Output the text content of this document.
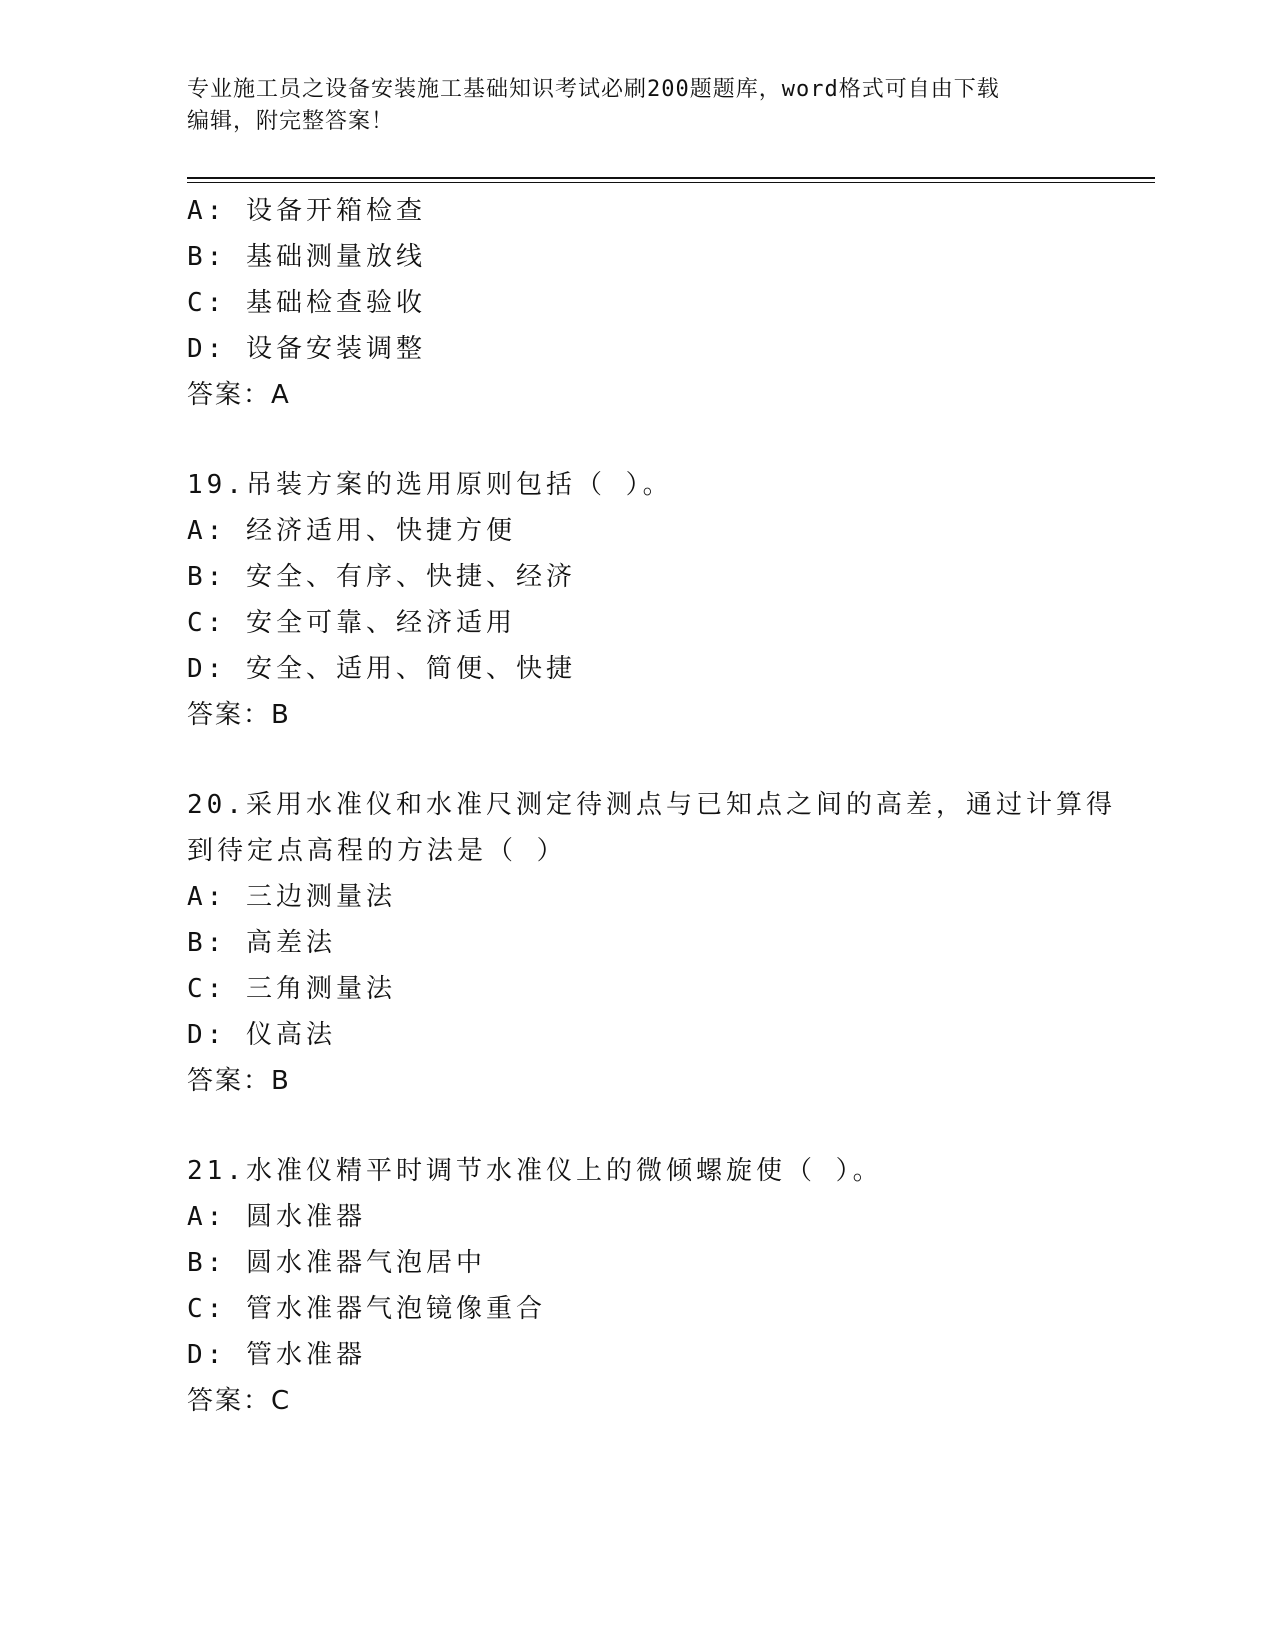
专业施工员之设备安装施工基础知识考试必刷200题题库，word格式可自由下载
编辑，附完整答案！
A: 设备开箱检查
B: 基础测量放线
C: 基础检查验收
D: 设备安装调整
答案：A
19.吊装方案的选用原则包括（ ）。
A: 经济适用、快捷方便
B: 安全、有序、快捷、经济
C: 安全可靠、经济适用
D: 安全、适用、简便、快捷
答案：B
20.采用水准仪和水准尺测定待测点与已知点之间的高差，通过计算得
到待定点高程的方法是（ ）
A: 三边测量法
B: 高差法
C: 三角测量法
D: 仪高法
答案：B
21.水准仪精平时调节水准仪上的微倾螺旋使（ ）。
A: 圆水准器
B: 圆水准器气泡居中
C: 管水准器气泡镜像重合
D: 管水准器
答案：C
